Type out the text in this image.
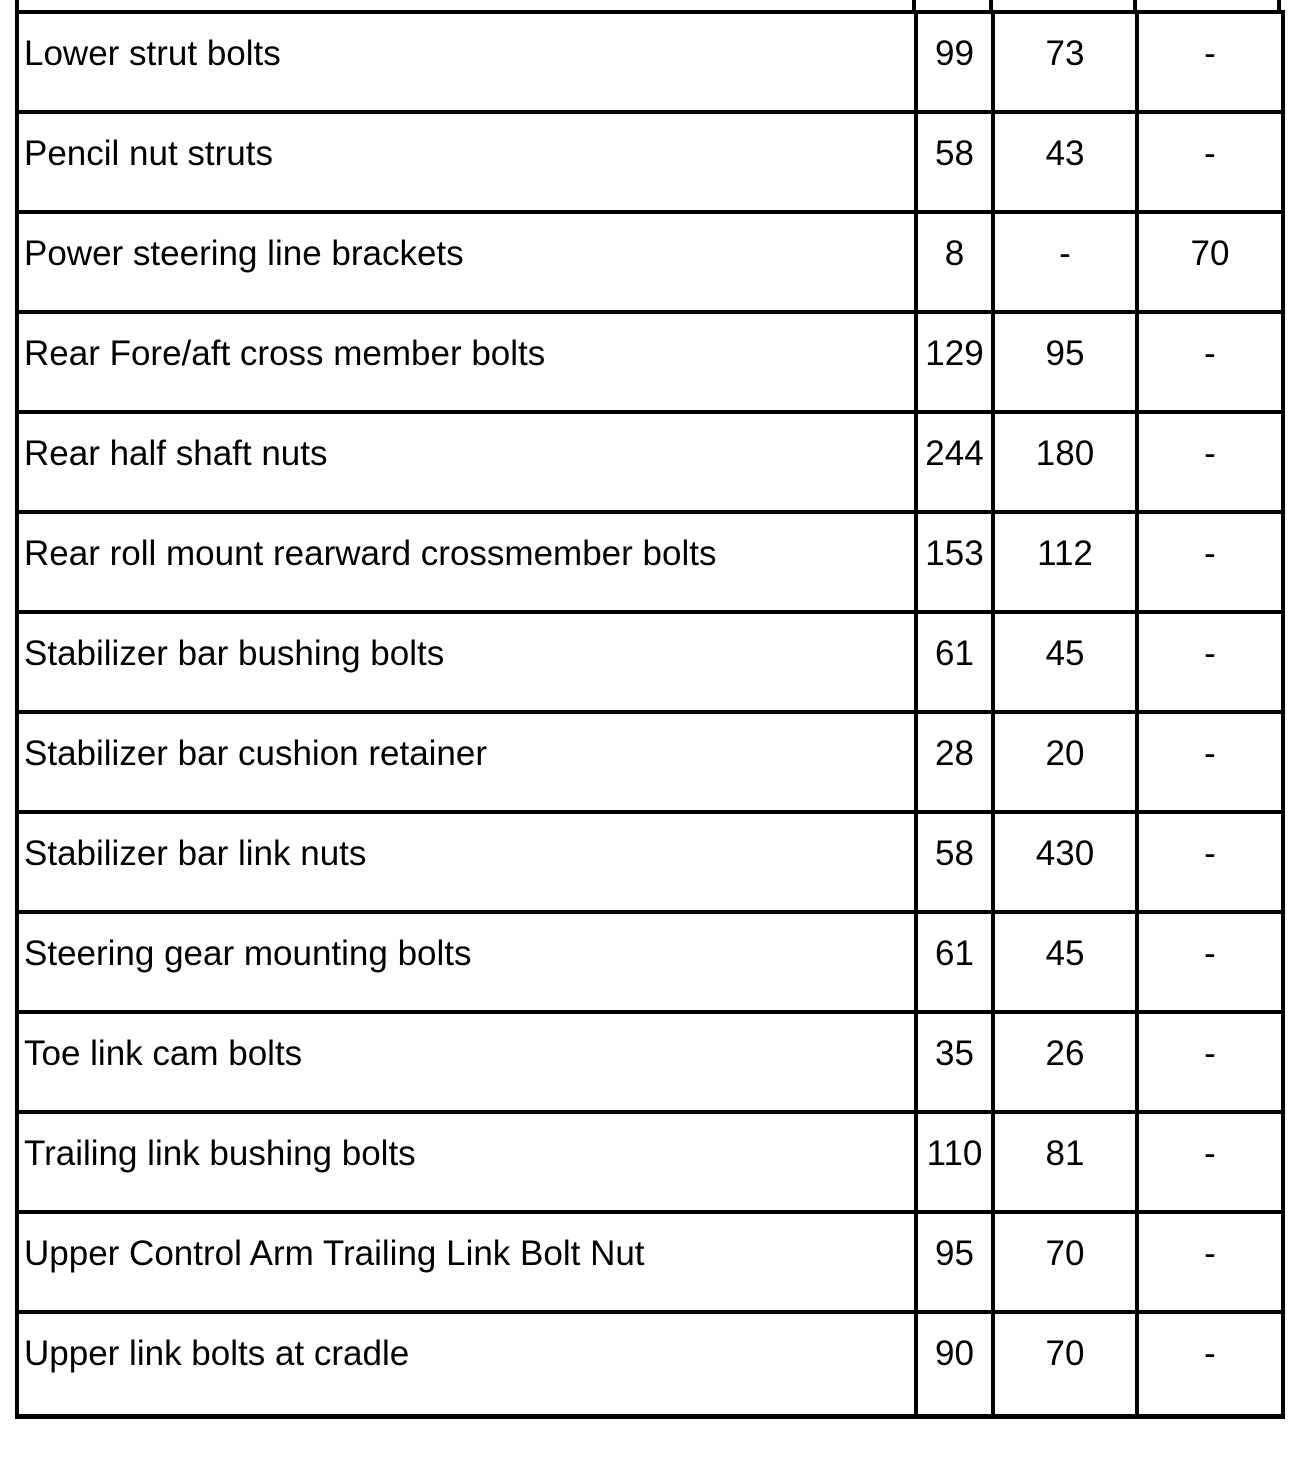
Lower strut bolts	99	73	-
Pencil nut struts	58	43	-
Power steering line brackets	8	-	70
Rear Fore/aft cross member bolts	129	95	-
Rear half shaft nuts	244	180	-
Rear roll mount rearward crossmember bolts	153	112	-
Stabilizer bar bushing bolts	61	45	-
Stabilizer bar cushion retainer	28	20	-
Stabilizer bar link nuts	58	430	-
Steering gear mounting bolts	61	45	-
Toe link cam bolts	35	26	-
Trailing link bushing bolts	110	81	-
Upper Control Arm Trailing Link Bolt Nut	95	70	-
Upper link bolts at cradle	90	70	-
